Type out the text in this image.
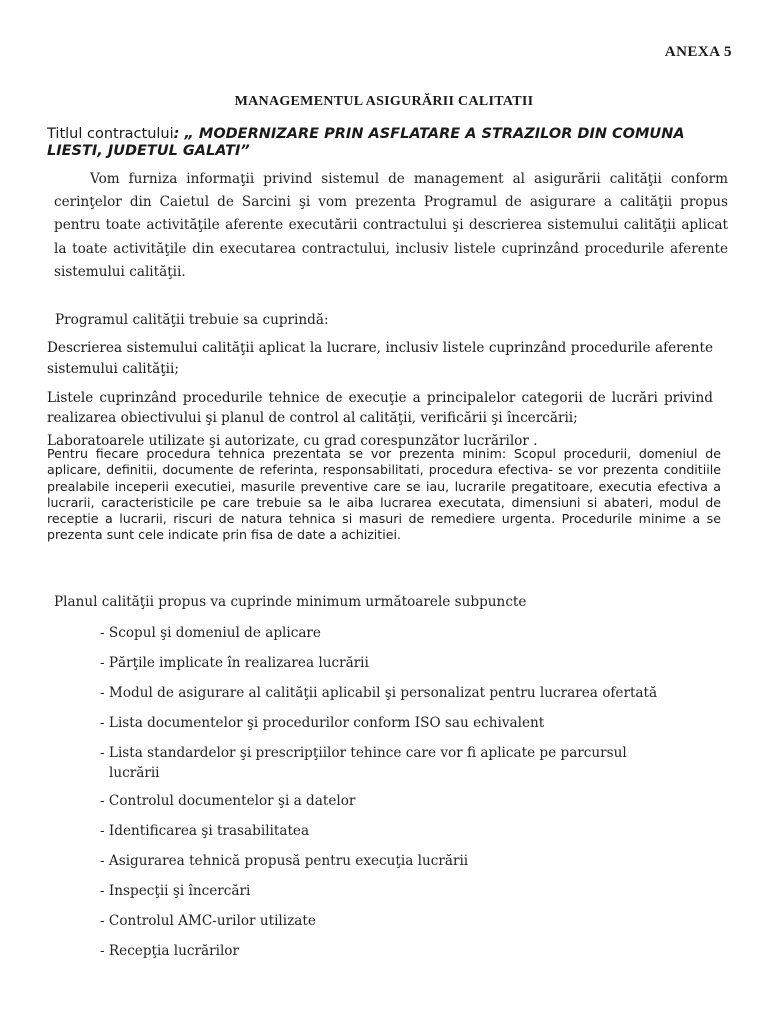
ANEXA 5
MANAGEMENTUL ASIGURĂRII CALITATII
Titlul contractului: „ MODERNIZARE PRIN ASFLATARE A STRAZILOR DIN COMUNA LIESTI, JUDETUL GALATI”
Vom furniza informaţii privind sistemul de management al asigurării calităţii conform cerinţelor din Caietul de Sarcini şi vom prezenta Programul de asigurare a calităţii propus pentru toate activităţile aferente executării contractului şi descrierea sistemului calităţii aplicat la toate activităţile din executarea contractului, inclusiv listele cuprinzând procedurile aferente sistemului calităţii.
Programul calităţii trebuie sa cuprindă:
Descrierea sistemului calităţii aplicat la lucrare, inclusiv listele cuprinzând procedurile aferente sistemului calităţii;
Listele cuprinzând procedurile tehnice de execuţie a principalelor categorii de lucrări privind realizarea obiectivului şi planul de control al calităţii, verificării şi încercării;
Laboratoarele utilizate şi autorizate, cu grad corespunzător lucrărilor .
Pentru fiecare procedura tehnica prezentata se vor prezenta minim: Scopul procedurii, domeniul de aplicare, definitii, documente de referinta, responsabilitati, procedura efectiva- se vor prezenta conditiile prealabile inceperii executiei, masurile preventive care se iau, lucrarile pregatitoare, executia efectiva a lucrarii, caracteristicile pe care trebuie sa le aiba lucrarea executata, dimensiuni si abateri, modul de receptie a lucrarii, riscuri de natura tehnica si masuri de remediere urgenta. Procedurile minime a se prezenta sunt cele indicate prin fisa de date a achizitiei.
Planul calităţii propus va cuprinde minimum următoarele subpuncte
- Scopul şi domeniul de aplicare
- Părţile implicate în realizarea lucrării
- Modul de asigurare al calităţii aplicabil şi personalizat pentru lucrarea ofertată
- Lista documentelor şi procedurilor conform ISO sau echivalent
- Lista standardelor şi prescripţiilor tehince care vor fi aplicate pe parcursul lucrării
- Controlul documentelor şi a datelor
- Identificarea şi trasabilitatea
- Asigurarea tehnică propusă pentru execuţia lucrării
- Inspecţii şi încercări
- Controlul AMC-urilor utilizate
- Recepţia lucrărilor
